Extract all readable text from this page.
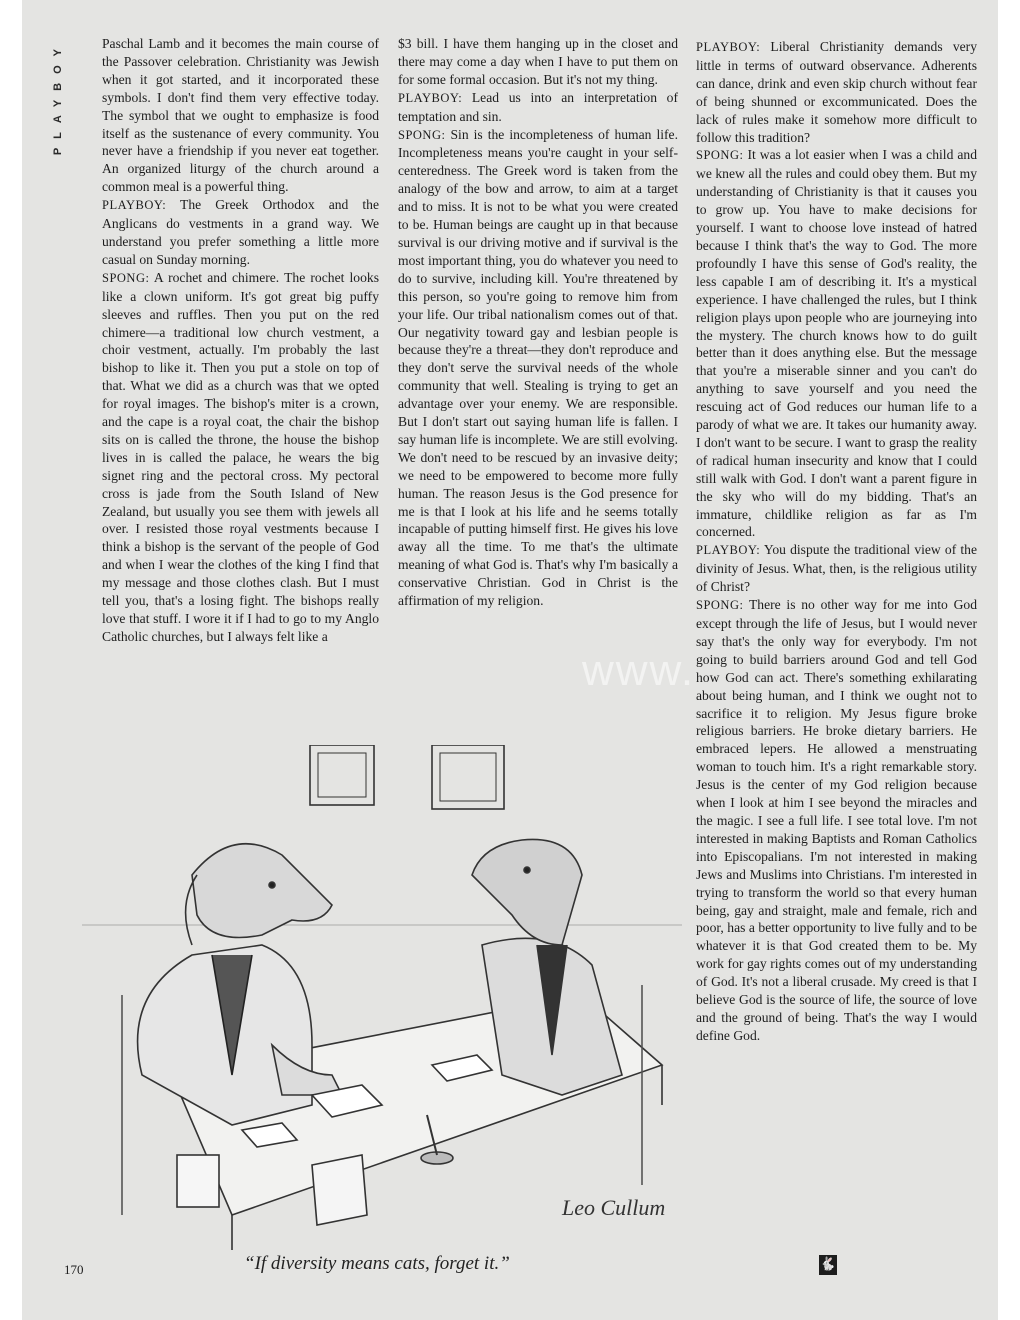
PLAYBOY	Paschal Lamb and it becomes the main course of the Passover celebration. Christianity was Jewish when it got started, and it incorporated these symbols. I don't find them very effective today. The symbol that we ought to emphasize is food itself as the sustenance of every community. You never have a friendship if you never eat together. An organized liturgy of the church around a common meal is a powerful thing.

PLAYBOY: The Greek Orthodox and the Anglicans do vestments in a grand way. We understand you prefer something a little more casual on Sunday morning.

SPONG: A rochet and chimere. The rochet looks like a clown uniform. It's got great big puffy sleeves and ruffles. Then you put on the red chimere—a traditional low church vestment, a choir vestment, actually. I'm probably the last bishop to like it. Then you put a stole on top of that. What we did as a church was that we opted for royal images. The bishop's miter is a crown, and the cape is a royal coat, the chair the bishop sits on is called the throne, the house the bishop lives in is called the palace, he wears the big signet ring and the pectoral cross. My pectoral cross is jade from the South Island of New Zealand, but usually you see them with jewels all over. I resisted those royal vestments because I think a bishop is the servant of the people of God and when I wear the clothes of the king I find that my message and those clothes clash. But I must tell you, that's a losing fight. The bishops really love that stuff. I wore it if I had to go to my Anglo Catholic churches, but I always felt like a

$3 bill. I have them hanging up in the closet and there may come a day when I have to put them on for some formal occasion. But it's not my thing.

PLAYBOY: Lead us into an interpretation of temptation and sin.

SPONG: Sin is the incompleteness of human life. Incompleteness means you're caught in your self-centeredness. The Greek word is taken from the analogy of the bow and arrow, to aim at a target and to miss. It is not to be what you were created to be. Human beings are caught up in that because survival is our driving motive and if survival is the most important thing, you do whatever you need to do to survive, including kill. You're threatened by this person, so you're going to remove him from your life. Our tribal nationalism comes out of that. Our negativity toward gay and lesbian people is because they're a threat—they don't reproduce and they don't serve the survival needs of the whole community that well. Stealing is trying to get an advantage over your enemy. We are responsible. But I don't start out saying human life is fallen. I say human life is incomplete. We are still evolving. We don't need to be rescued by an invasive deity; we need to be empowered to become more fully human. The reason Jesus is the God presence for me is that I look at his life and he seems totally incapable of putting himself first. He gives his love away all the time. To me that's the ultimate meaning of what God is. That's why I'm basically a conservative Christian. God in Christ is the affirmation of my religion.

PLAYBOY: Liberal Christianity demands very little in terms of outward observance. Adherents can dance, drink and even skip church without fear of being shunned or excommunicated. Does the lack of rules make it somehow more difficult to follow this tradition?

SPONG: It was a lot easier when I was a child and we knew all the rules and could obey them. But my understanding of Christianity is that it causes you to grow up. You have to make decisions for yourself. I want to choose love instead of hatred because I think that's the way to God. The more profoundly I have this sense of God's reality, the less capable I am of describing it. It's a mystical experience. I have challenged the rules, but I think religion plays upon people who are journeying into the mystery. The church knows how to do guilt better than it does anything else. But the message that you're a miserable sinner and you can't do anything to save yourself and you need the rescuing act of God reduces our human life to a parody of what we are. It takes our humanity away. I don't want to be secure. I want to grasp the reality of radical human insecurity and know that I could still walk with God. I don't want a parent figure in the sky who will do my bidding. That's an immature, childlike religion as far as I'm concerned.

PLAYBOY: You dispute the traditional view of the divinity of Jesus. What, then, is the religious utility of Christ?

SPONG: There is no other way for me into God except through the life of Jesus, but I would never say that's the only way for everybody. I'm not going to build barriers around God and tell God how God can act. There's something exhilarating about being human, and I think we ought not to sacrifice it to religion. My Jesus figure broke religious barriers. He broke dietary barriers. He embraced lepers. He allowed a menstruating woman to touch him. It's a right remarkable story. Jesus is the center of my God religion because when I look at him I see beyond the miracles and the magic. I see a full life. I see total love. I'm not interested in making Baptists and Roman Catholics into Episcopalians. I'm not interested in making Jews and Muslims into Christians. I'm interested in trying to transform the world so that every human being, gay and straight, male and female, rich and poor, has a better opportunity to live fully and to be whatever it is that God created them to be. My work for gay rights comes out of my understanding of God. It's not a liberal crusade. My creed is that I believe God is the source of life, the source of love and the ground of being. That's the way I would define God.

www.
Leo Cullum
“If diversity means cats, forget it.”
170	🐇
